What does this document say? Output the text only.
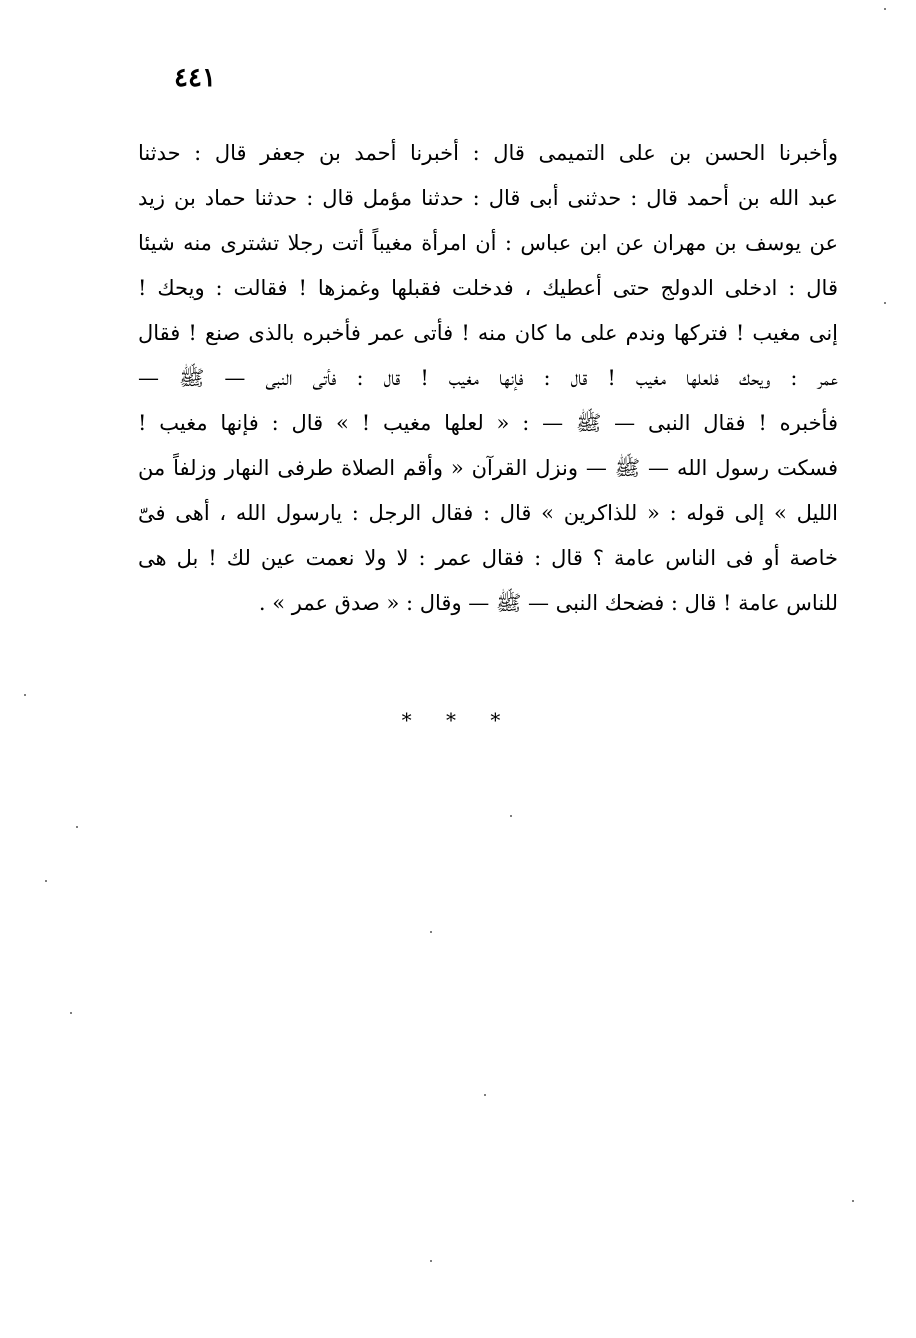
٤٤١
وأخبرنا الحسن بن على التميمى قال : أخبرنا أحمد بن جعفر قال : حدثنا
عبد الله بن أحمد قال : حدثنى أبى قال : حدثنا مؤمل قال : حدثنا حماد بن زيد
عن يوسف بن مهران عن ابن عباس : أن امرأة مغيباً أتت رجلا تشترى منه شيئا
قال : ادخلى الدولج حتى أعطيك ، فدخلت فقبلها وغمزها ! فقالت : ويحك !
إنى مغيب ! فتركها وندم على ما كان منه ! فأتى عمر فأخبره بالذى صنع ! فقال
عمر : ويحك فلعلها مغيب ! قال : فإنها مغيب ! قال : فأتى النبى — ﷺ —
فأخبره ! فقال النبى — ﷺ — : « لعلها مغيب ! » قال : فإنها مغيب !
فسكت رسول الله — ﷺ — ونزل القرآن « وأقم الصلاة طرفى النهار وزلفاً من
الليل » إلى قوله : « للذاكرين » قال : فقال الرجل : يارسول الله ، أهى فىّ
خاصة أو فى الناس عامة ؟ قال : فقال عمر : لا ولا نعمت عين لك ! بل هى
للناس عامة ! قال : فضحك النبى — ﷺ — وقال : « صدق عمر » .
* * *
